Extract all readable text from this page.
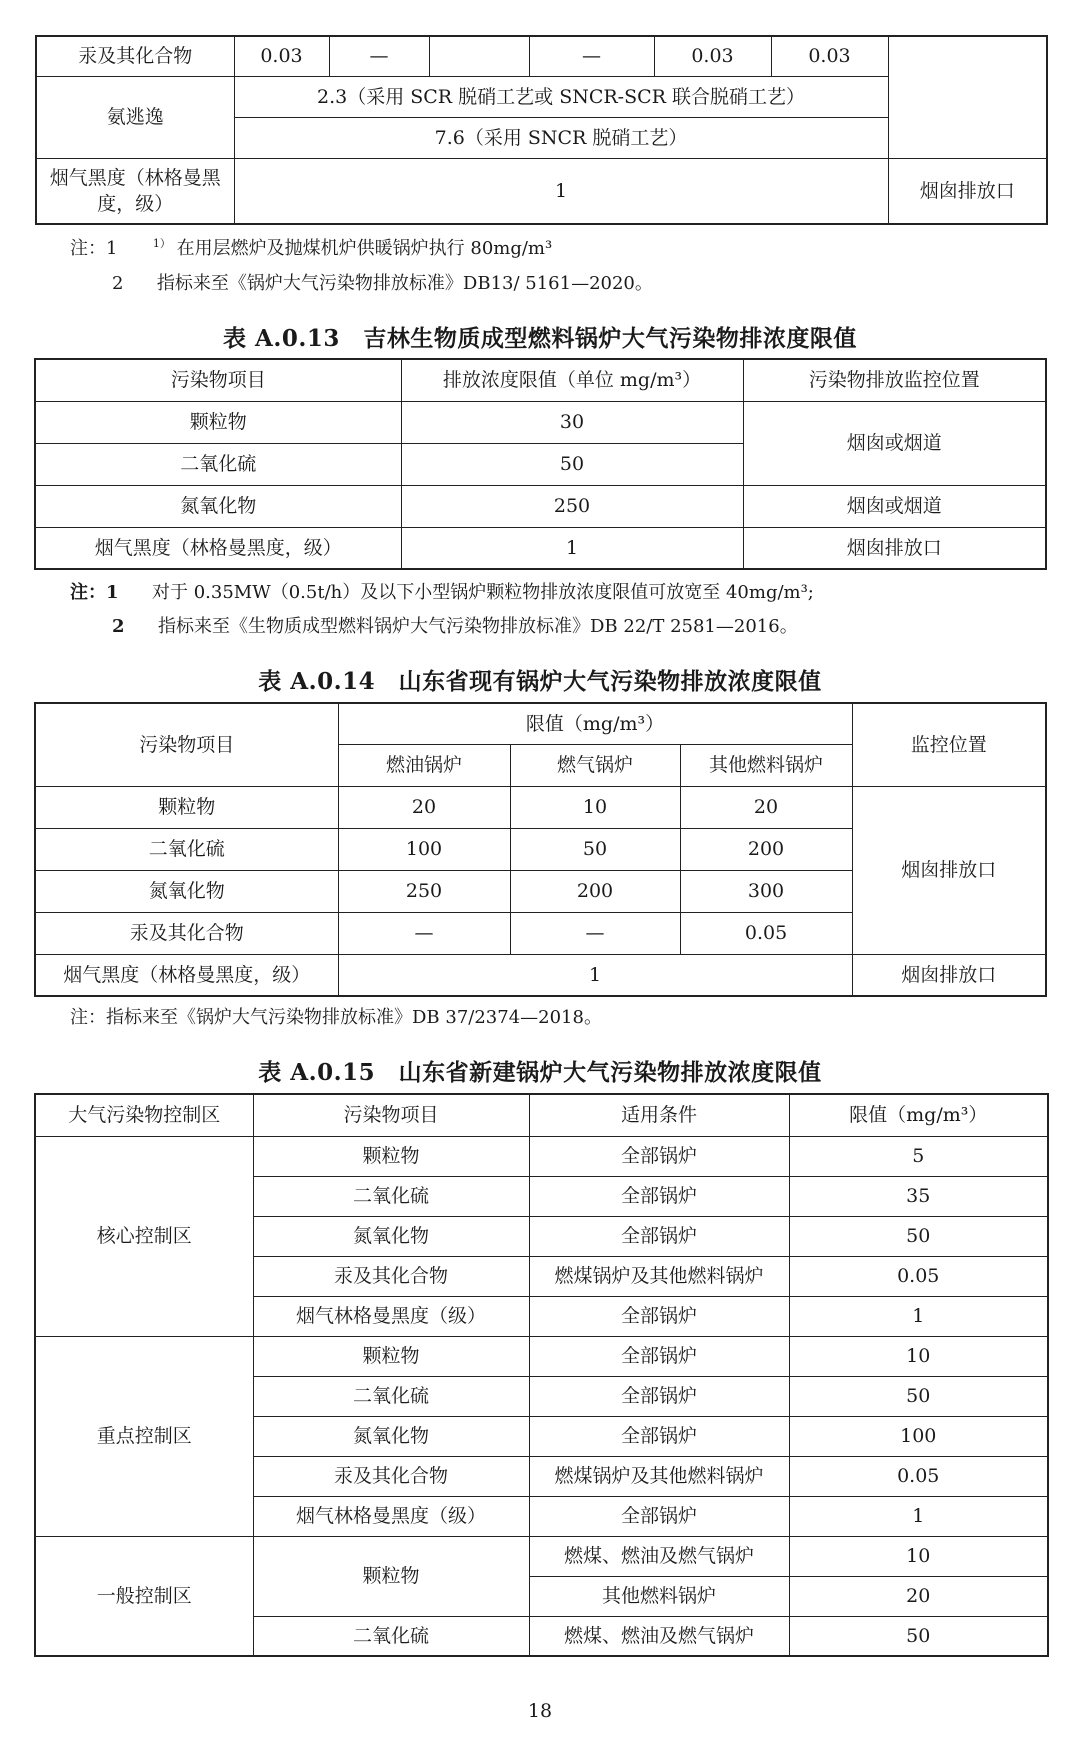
汞及其化合物	0.03	—		—	0.03	0.03	
氨逃逸	2.3（采用 SCR 脱硝工艺或 SNCR-SCR 联合脱硝工艺）						
	7.6（采用 SNCR 脱硝工艺）						
烟气黑度（林格曼黑度，级）	1						烟囱排放口
注：1	$^{1)}$ 在用层燃炉及抛煤机炉供暖锅炉执行 80mg/m³
2 指标来至《锅炉大气污染物排放标准》DB13/ 5161—2020。
表 A.0.13　吉林生物质成型燃料锅炉大气污染物排浓度限值
污染物项目	排放浓度限值（单位 mg/m³）	污染物排放监控位置
颗粒物	30	烟囱或烟道
二氧化硫	50	
氮氧化物	250	烟囱或烟道
烟气黑度（林格曼黑度，级）	1	烟囱排放口
注：1 对于 0.35MW（0.5t/h）及以下小型锅炉颗粒物排放浓度限值可放宽至 40mg/m³;
2 指标来至《生物质成型燃料锅炉大气污染物排放标准》DB 22/T 2581—2016。
表 A.0.14　山东省现有锅炉大气污染物排放浓度限值
污染物项目	限值（mg/m³）			监控位置
	燃油锅炉	燃气锅炉	其他燃料锅炉	
颗粒物	20	10	20	烟囱排放口
二氧化硫	100	50	200	
氮氧化物	250	200	300	
汞及其化合物	—	—	0.05	
烟气黑度（林格曼黑度，级）	1			烟囱排放口
注：指标来至《锅炉大气污染物排放标准》DB 37/2374—2018。
表 A.0.15　山东省新建锅炉大气污染物排放浓度限值
大气污染物控制区	污染物项目	适用条件	限值（mg/m³）
核心控制区	颗粒物	全部锅炉	5
	二氧化硫	全部锅炉	35
	氮氧化物	全部锅炉	50
	汞及其化合物	燃煤锅炉及其他燃料锅炉	0.05
	烟气林格曼黑度（级）	全部锅炉	1
重点控制区	颗粒物	全部锅炉	10
	二氧化硫	全部锅炉	50
	氮氧化物	全部锅炉	100
	汞及其化合物	燃煤锅炉及其他燃料锅炉	0.05
	烟气林格曼黑度（级）	全部锅炉	1
一般控制区	颗粒物	燃煤、燃油及燃气锅炉	10
		其他燃料锅炉	20
	二氧化硫	燃煤、燃油及燃气锅炉	50
18
